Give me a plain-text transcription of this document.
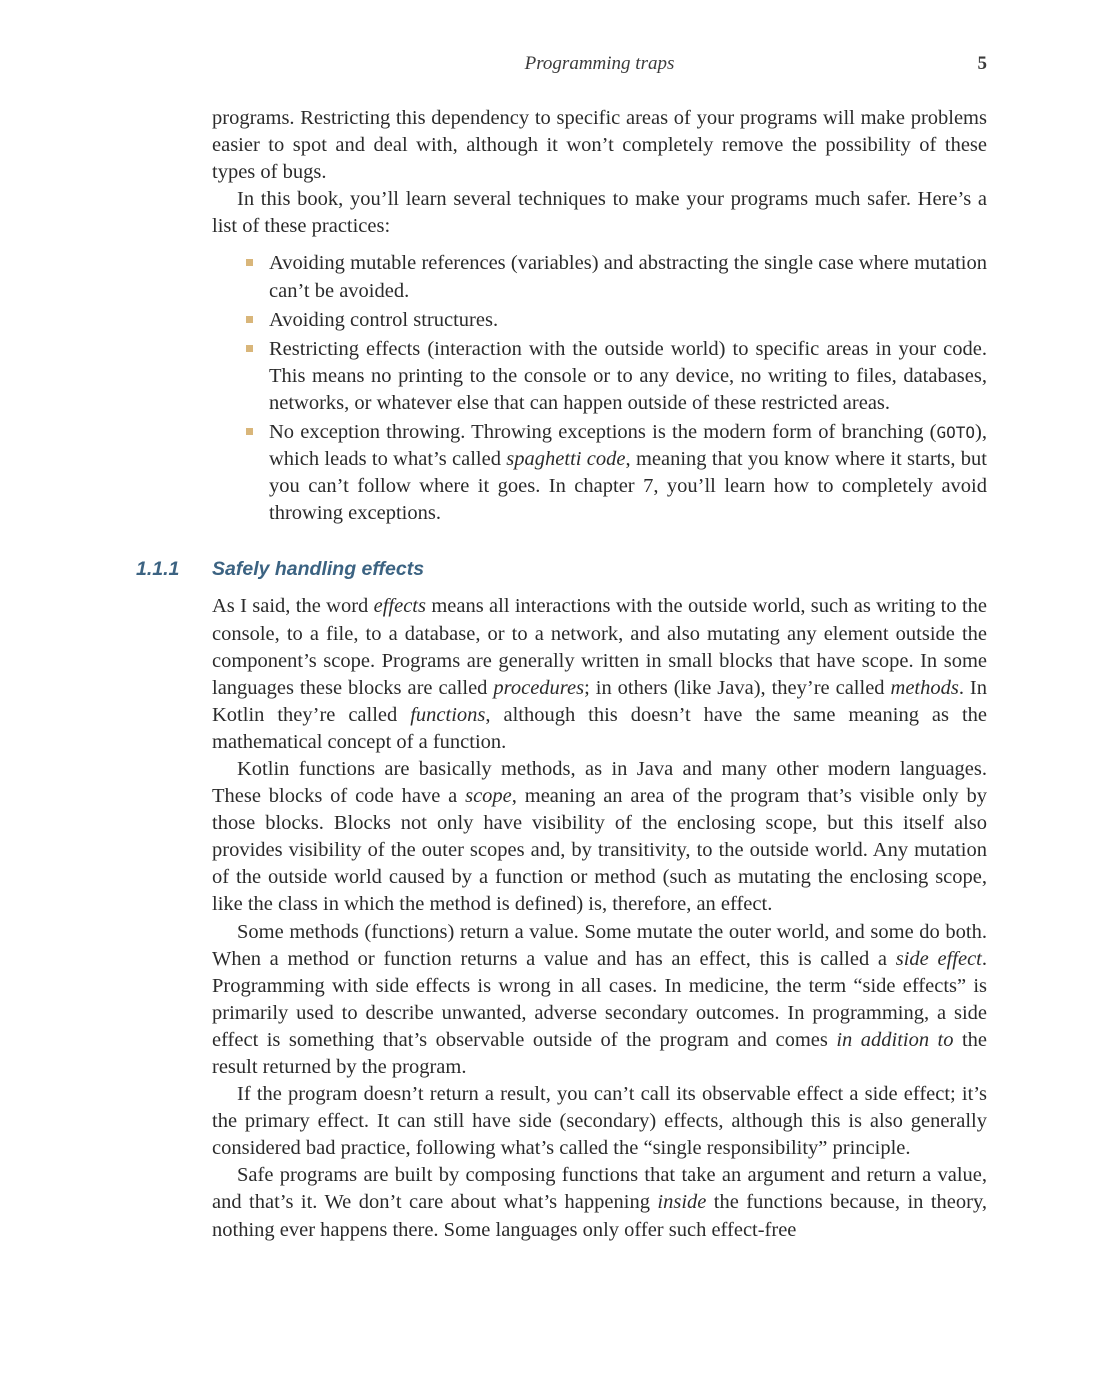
Programming traps	5

programs. Restricting this dependency to specific areas of your programs will make problems easier to spot and deal with, although it won’t completely remove the possibility of these types of bugs.

In this book, you’ll learn several techniques to make your programs much safer. Here’s a list of these practices:

Avoiding mutable references (variables) and abstracting the single case where mutation can’t be avoided.
Avoiding control structures.
Restricting effects (interaction with the outside world) to specific areas in your code. This means no printing to the console or to any device, no writing to files, databases, networks, or whatever else that can happen outside of these restricted areas.
No exception throwing. Throwing exceptions is the modern form of branching (GOTO), which leads to what’s called spaghetti code, meaning that you know where it starts, but you can’t follow where it goes. In chapter 7, you’ll learn how to completely avoid throwing exceptions.
1.1.1 Safely handling effects

As I said, the word effects means all interactions with the outside world, such as writing to the console, to a file, to a database, or to a network, and also mutating any element outside the component’s scope. Programs are generally written in small blocks that have scope. In some languages these blocks are called procedures; in others (like Java), they’re called methods. In Kotlin they’re called functions, although this doesn’t have the same meaning as the mathematical concept of a function.

Kotlin functions are basically methods, as in Java and many other modern languages. These blocks of code have a scope, meaning an area of the program that’s visible only by those blocks. Blocks not only have visibility of the enclosing scope, but this itself also provides visibility of the outer scopes and, by transitivity, to the outside world. Any mutation of the outside world caused by a function or method (such as mutating the enclosing scope, like the class in which the method is defined) is, therefore, an effect.

Some methods (functions) return a value. Some mutate the outer world, and some do both. When a method or function returns a value and has an effect, this is called a side effect. Programming with side effects is wrong in all cases. In medicine, the term “side effects” is primarily used to describe unwanted, adverse secondary outcomes. In programming, a side effect is something that’s observable outside of the program and comes in addition to the result returned by the program.

If the program doesn’t return a result, you can’t call its observable effect a side effect; it’s the primary effect. It can still have side (secondary) effects, although this is also generally considered bad practice, following what’s called the “single responsibility” principle.

Safe programs are built by composing functions that take an argument and return a value, and that’s it. We don’t care about what’s happening inside the functions because, in theory, nothing ever happens there. Some languages only offer such effect-free
